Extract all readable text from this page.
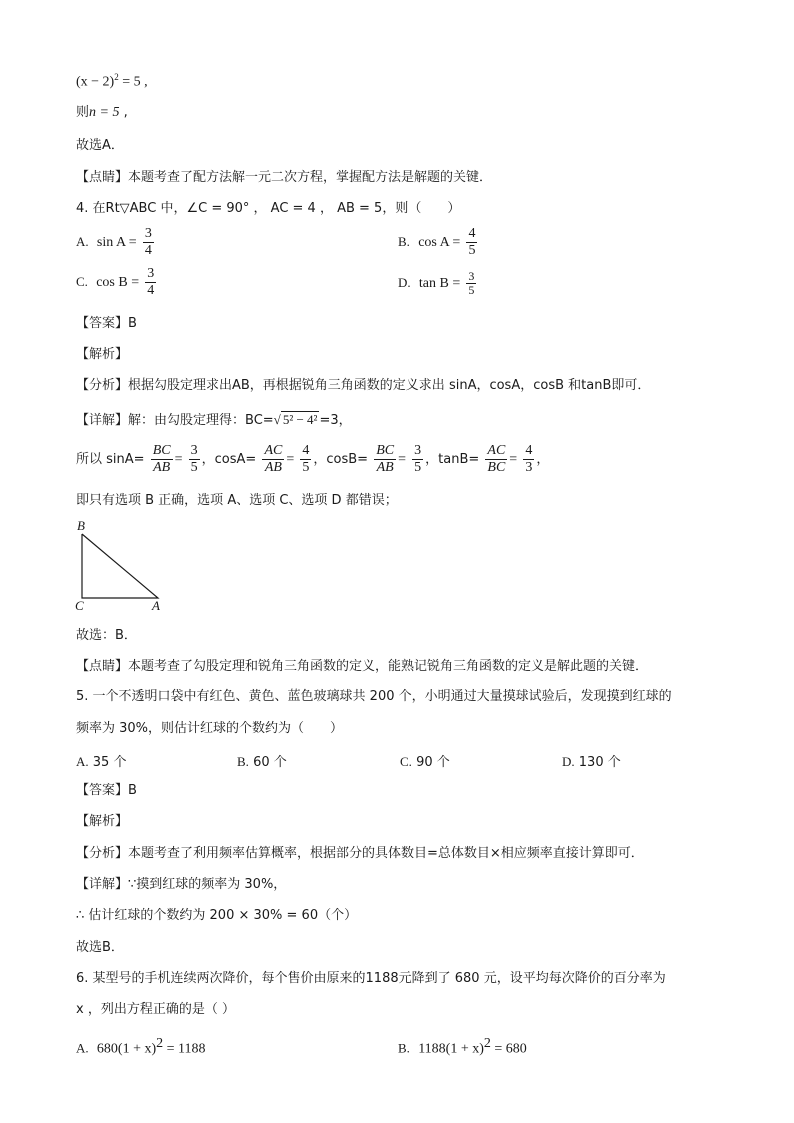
$(x - 2)^2 = 5$ ,
则n = 5 ,
故选A．
【点睛】本题考查了配方法解一元二次方程，掌握配方法是解题的关键．
4. 在Rt▽ABC 中，∠C = 90° ， AC = 4 ， AB = 5，则（　　）
A. $\sin A = \frac{3}{4}$	B. $\cos A = \frac{4}{5}$
C. $\cos B = \frac{3}{4}$	D. $\tan B = \frac{3}{5}$
【答案】B
【解析】
【分析】根据勾股定理求出AB，再根据锐角三角函数的定义求出 sinA，cosA，cosB 和tanB即可．
【详解】解：由勾股定理得：BC=√ 5² − 4² =3，
所以 $\sin A= \frac{BC}{AB} = \frac{3}{5}$ ，$\cos A= \frac{AC}{AB} = \frac{4}{5}$ ，$\cos B= \frac{BC}{AB} = \frac{3}{5}$ ，$\tan B= \frac{AC}{BC} = \frac{4}{3}$ ，
即只有选项 B 正确，选项 A、选项 C、选项 D 都错误；
B
C	A
故选：B．
【点睛】本题考查了勾股定理和锐角三角函数的定义，能熟记锐角三角函数的定义是解此题的关键．
5. 一个不透明口袋中有红色、黄色、蓝色玻璃球共 200 个，小明通过大量摸球试验后，发现摸到红球的
频率为 30%，则估计红球的个数约为（　　）
A. 35 个	B. 60 个	C. 90 个	D. 130 个
【答案】B
【解析】
【分析】本题考查了利用频率估算概率，根据部分的具体数目=总体数目×相应频率直接计算即可．
【详解】∵摸到红球的频率为 30%，
∴ 估计红球的个数约为 200 × 30% = 60（个）
故选B．
6. 某型号的手机连续两次降价，每个售价由原来的1188元降到了 680 元，设平均每次降价的百分率为
x ，列出方程正确的是（ ）
A. $680(1 + x)^2 = 1188$	B. $1188(1 + x)^2 = 680$
